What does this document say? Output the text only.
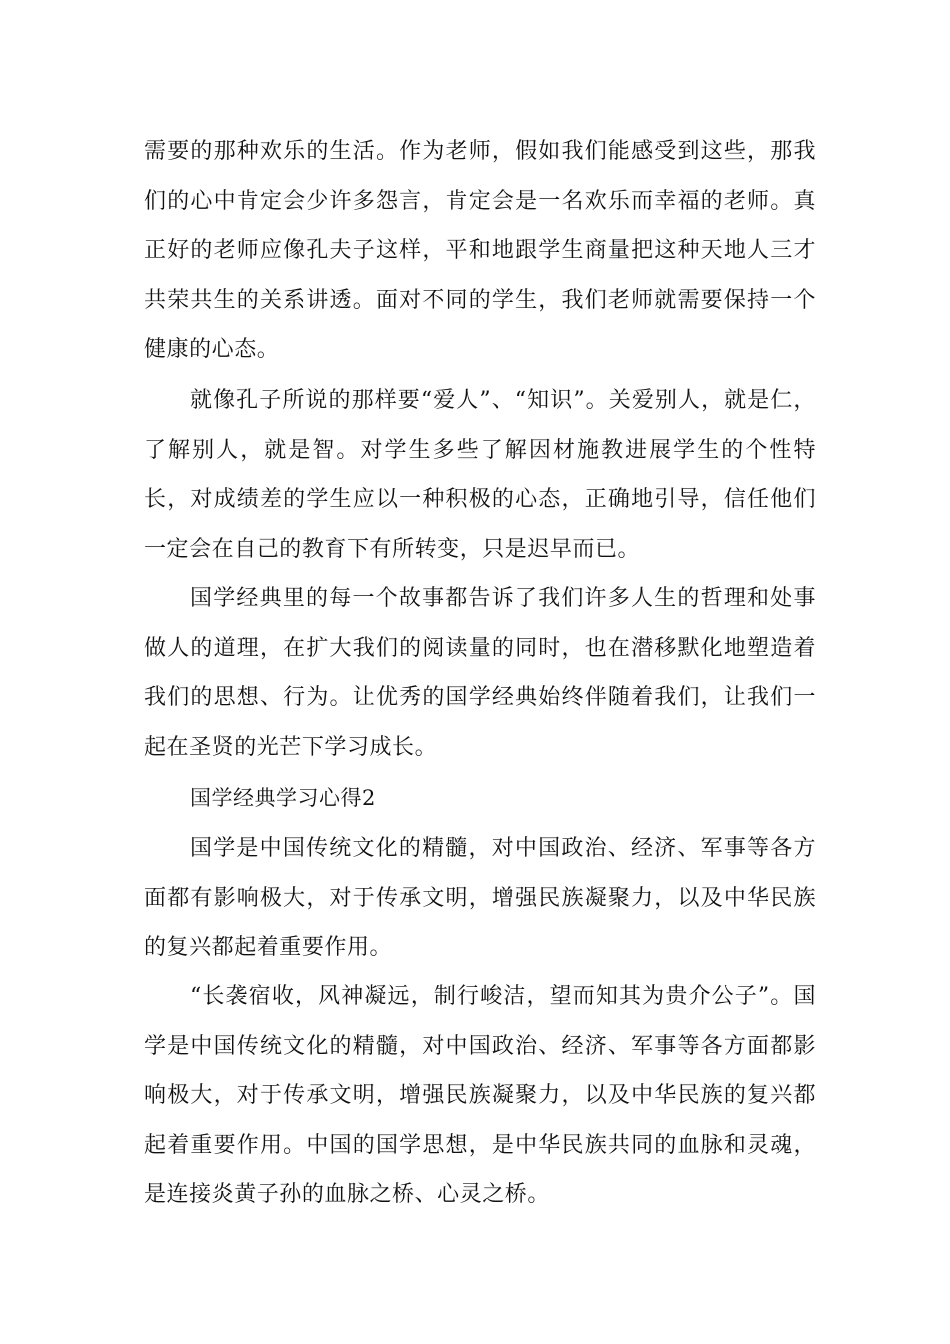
需要的那种欢乐的生活。作为老师，假如我们能感受到这些，那我们的心中肯定会少许多怨言，肯定会是一名欢乐而幸福的老师。真正好的老师应像孔夫子这样，平和地跟学生商量把这种天地人三才共荣共生的关系讲透。面对不同的学生，我们老师就需要保持一个健康的心态。

就像孔子所说的那样要“爱人”、“知识”。关爱别人，就是仁，了解别人，就是智。对学生多些了解因材施教进展学生的个性特长，对成绩差的学生应以一种积极的心态，正确地引导，信任他们一定会在自己的教育下有所转变，只是迟早而已。

国学经典里的每一个故事都告诉了我们许多人生的哲理和处事做人的道理，在扩大我们的阅读量的同时，也在潜移默化地塑造着我们的思想、行为。让优秀的国学经典始终伴随着我们，让我们一起在圣贤的光芒下学习成长。

国学经典学习心得2

国学是中国传统文化的精髓，对中国政治、经济、军事等各方面都有影响极大，对于传承文明，增强民族凝聚力，以及中华民族的复兴都起着重要作用。

“长袭宿收，风神凝远，制行峻洁，望而知其为贵介公子”。国学是中国传统文化的精髓，对中国政治、经济、军事等各方面都影响极大，对于传承文明，增强民族凝聚力，以及中华民族的复兴都起着重要作用。中国的国学思想，是中华民族共同的血脉和灵魂，是连接炎黄子孙的血脉之桥、心灵之桥。
